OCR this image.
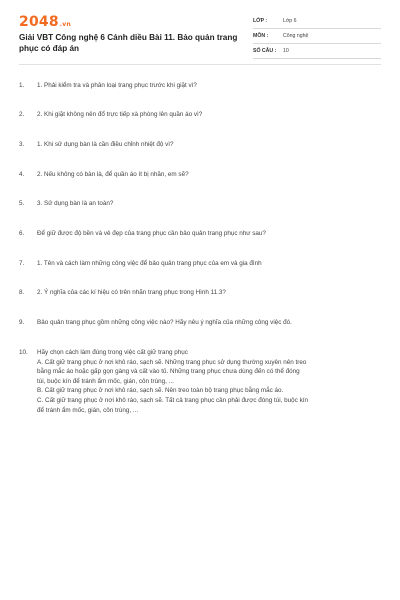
2048.vn
Giải VBT Công nghệ 6 Cánh diều Bài 11. Bảo quản trang phục có đáp án
LỚP :	Lớp 6
MÔN :	Công nghệ
SỐ CÂU : 10
1. 1. Phải kiểm tra và phân loại trang phục trước khi giặt vì?
2. 2. Khi giặt không nên đổ trực tiếp xà phòng lên quần áo vì?
3. 1. Khi sử dụng bàn là cần điều chỉnh nhiệt độ vì?
4. 2. Nếu không có bàn là, để quần áo ít bị nhăn, em sẽ?
5. 3. Sử dụng bàn là an toàn?
6. Để giữ được độ bền và vẻ đẹp của trang phục cần bảo quản trang phục như sau?
7. 1. Tên và cách làm những công việc để bảo quản trang phục của em và gia đình
8. 2. Ý nghĩa của các kí hiệu có trên nhãn trang phục trong Hình 11.3?
9. Bảo quản trang phục gồm những công việc nào? Hãy nêu ý nghĩa của những công việc đó.
10. Hãy chọn cách làm đúng trong việc cất giữ trang phục
A. Cất giữ trang phục ở nơi khô ráo, sạch sẽ. Những trang phục sử dụng thường xuyên nên treo
bằng mắc áo hoặc gấp gọn gàng và cất vào tủ. Những trang phục chưa dùng đến có thể đóng
túi, buộc kín để tránh ẩm mốc, gián, côn trùng, ...
B. Cất giữ trang phục ở nơi khô ráo, sạch sẽ. Nên treo toàn bộ trang phục bằng mắc áo.
C. Cất giữ trang phục ở nơi khô ráo, sạch sẽ. Tất cả trang phục cần phải được đóng túi, buộc kín
để tránh ẩm mốc, gián, côn trùng, ...
